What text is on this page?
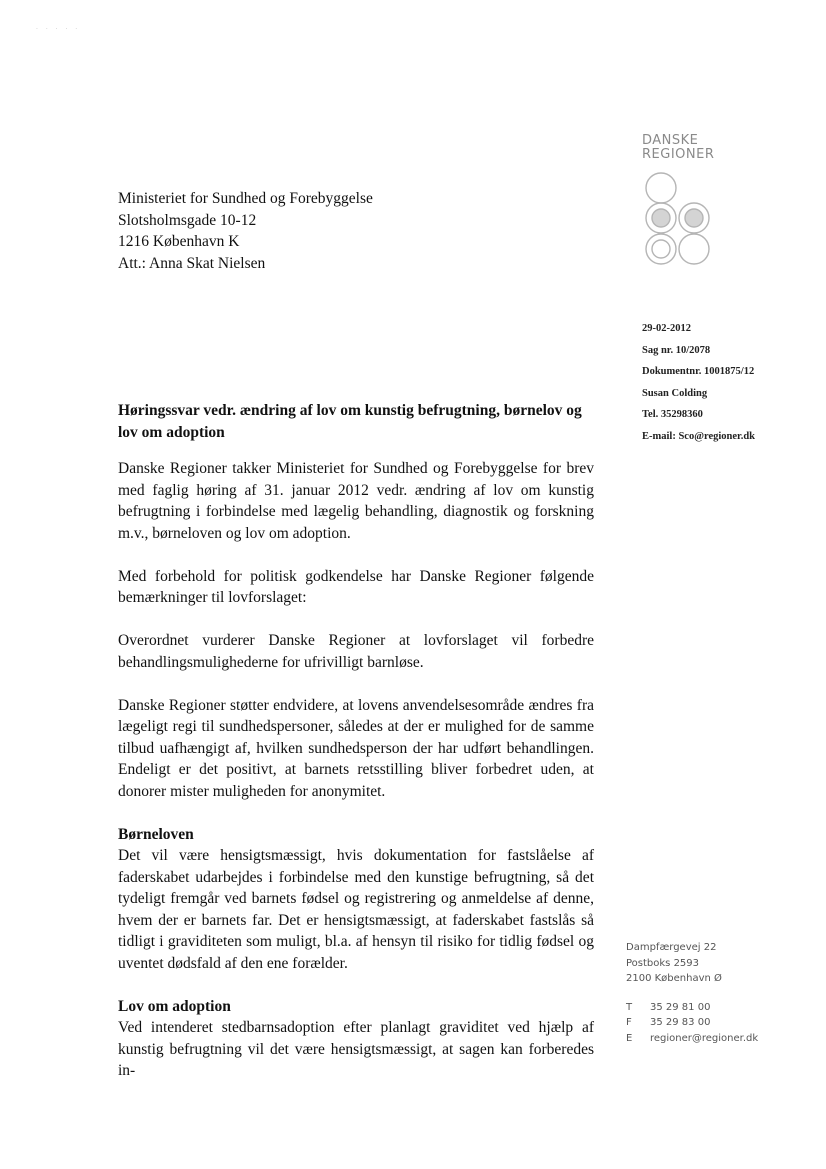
· · · · ·
Ministeriet for Sundhed og Forebyggelse
Slotsholmsgade 10-12
1216 København K
Att.: Anna Skat Nielsen
DANSKE
REGIONER
29-02-2012
Sag nr. 10/2078
Dokumentnr. 1001875/12
Susan Colding
Tel. 35298360
E-mail: Sco@regioner.dk
Høringssvar vedr. ændring af lov om kunstig befrugtning, børnelov og lov om adoption

Danske Regioner takker Ministeriet for Sundhed og Forebyggelse for brev med faglig høring af 31. januar 2012 vedr. ændring af lov om kunstig befrugtning i forbindelse med lægelig behandling, diagnostik og forskning m.v., børneloven og lov om adoption.

Med forbehold for politisk godkendelse har Danske Regioner følgende bemærkninger til lovforslaget:

Overordnet vurderer Danske Regioner at lovforslaget vil forbedre behandlingsmulighederne for ufrivilligt barnløse.

Danske Regioner støtter endvidere, at lovens anvendelsesområde ændres fra lægeligt regi til sundhedspersoner, således at der er mulighed for de samme tilbud uafhængigt af, hvilken sundhedsperson der har udført behandlingen. Endeligt er det positivt, at barnets retsstilling bliver forbedret uden, at donorer mister muligheden for anonymitet.

Børneloven

Det vil være hensigtsmæssigt, hvis dokumentation for fastslåelse af faderskabet udarbejdes i forbindelse med den kunstige befrugtning, så det tydeligt fremgår ved barnets fødsel og registrering og anmeldelse af denne, hvem der er barnets far. Det er hensigtsmæssigt, at faderskabet fastslås så tidligt i graviditeten som muligt, bl.a. af hensyn til risiko for tidlig fødsel og uventet dødsfald af den ene forælder.

Lov om adoption

Ved intenderet stedbarnsadoption efter planlagt graviditet ved hjælp af kunstig befrugtning vil det være hensigtsmæssigt, at sagen kan forberedes in-

Dampfærgevej 22
Postboks 2593
2100 København Ø
T	35 29 81 00
F	35 29 83 00
E	regioner@regioner.dk
